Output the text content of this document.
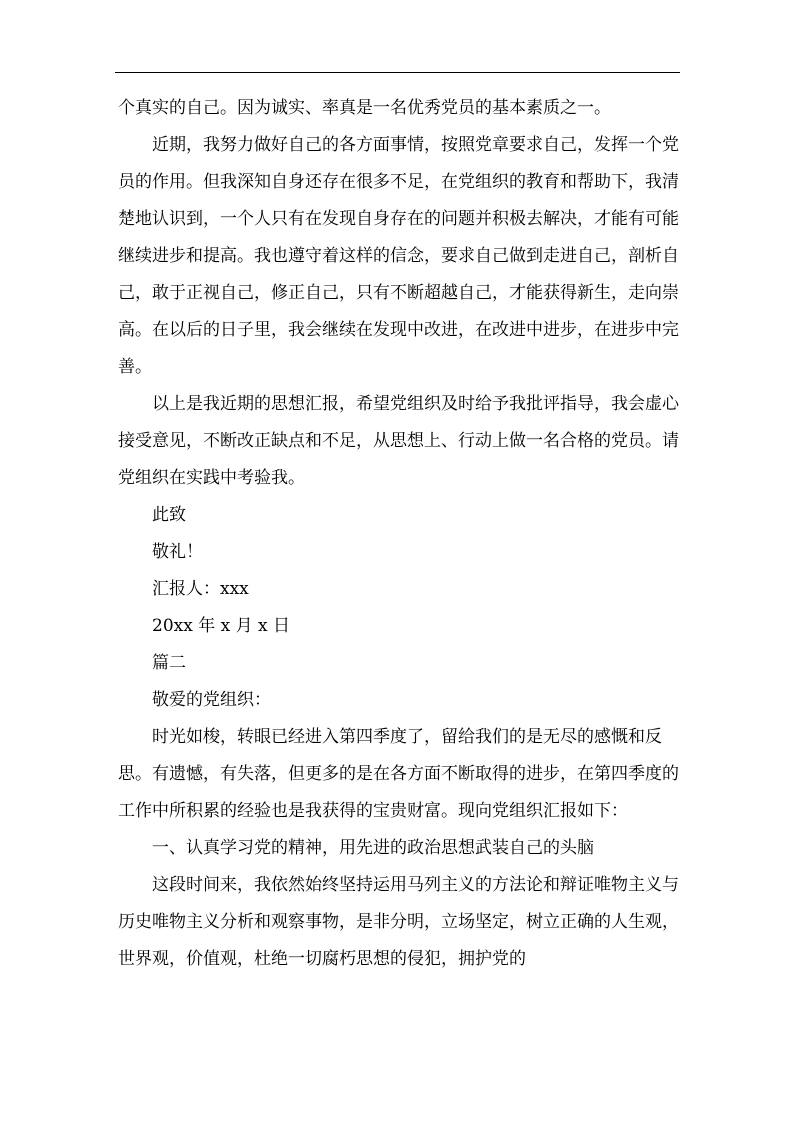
个真实的自己。因为诚实、率真是一名优秀党员的基本素质之一。

近期，我努力做好自己的各方面事情，按照党章要求自己，发挥一个党员的作用。但我深知自身还存在很多不足，在党组织的教育和帮助下，我清楚地认识到，一个人只有在发现自身存在的问题并积极去解决，才能有可能继续进步和提高。我也遵守着这样的信念，要求自己做到走进自己，剖析自己，敢于正视自己，修正自己，只有不断超越自己，才能获得新生，走向崇高。在以后的日子里，我会继续在发现中改进，在改进中进步，在进步中完善。

以上是我近期的思想汇报，希望党组织及时给予我批评指导，我会虚心接受意见，不断改正缺点和不足，从思想上、行动上做一名合格的党员。请党组织在实践中考验我。

此致

敬礼！

汇报人：xxx

20xx 年 x 月 x 日

篇二

敬爱的党组织：

时光如梭，转眼已经进入第四季度了，留给我们的是无尽的感慨和反思。有遗憾，有失落，但更多的是在各方面不断取得的进步，在第四季度的工作中所积累的经验也是我获得的宝贵财富。现向党组织汇报如下：

一、认真学习党的精神，用先进的政治思想武装自己的头脑

这段时间来，我依然始终坚持运用马列主义的方法论和辩证唯物主义与历史唯物主义分析和观察事物，是非分明，立场坚定，树立正确的人生观，世界观，价值观，杜绝一切腐朽思想的侵犯，拥护党的
